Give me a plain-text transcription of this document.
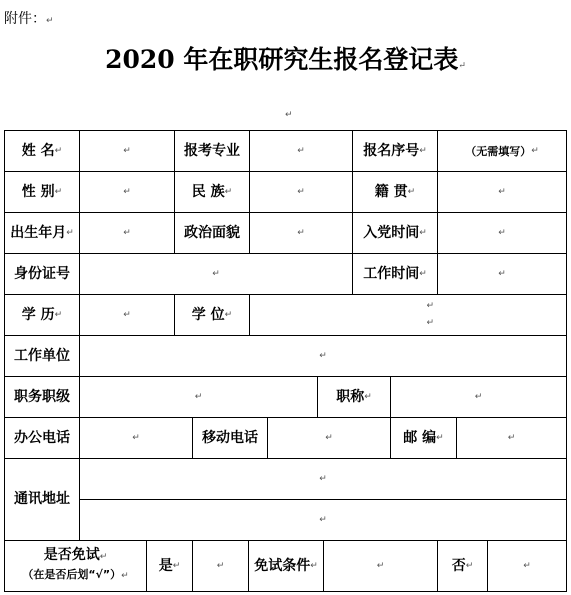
附件：↵
2020 年在职研究生报名登记表↵
↵
姓 名 ↵	↵	报考专业	↵	报名序号 ↵	（无需填写） ↵
性 别 ↵	↵	民 族 ↵	↵	籍 贯 ↵	↵
出生年月 ↵	↵	政治面貌	↵	入党时间 ↵	↵
身份证号	↵	工作时间 ↵	↵
学 历 ↵	↵	学 位 ↵
↵
↵
工作单位	↵
职务职级	↵	职称 ↵	↵
办公电话	↵	移动电话	↵	邮 编 ↵	↵
通讯地址
↵
↵
是否免试↵
（在是否后划“√”）↵
是 ↵	↵ 免试条件 ↵	↵	否 ↵	↵
